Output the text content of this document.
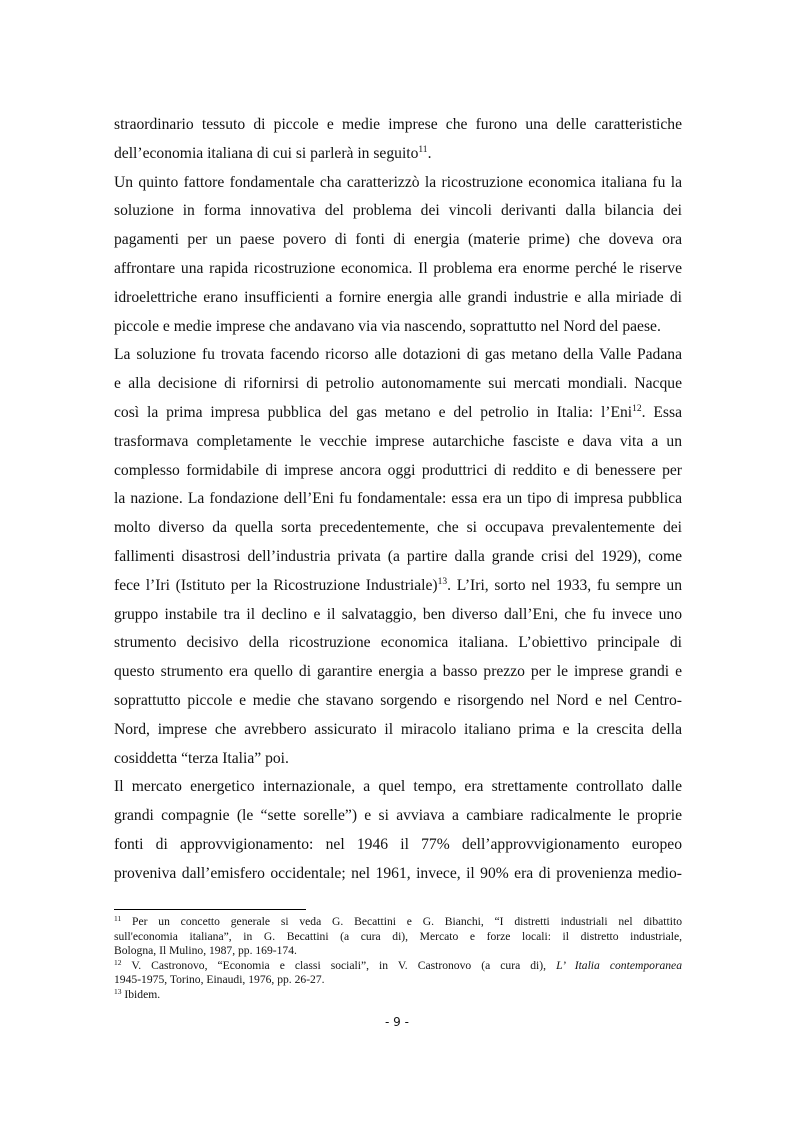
straordinario tessuto di piccole e medie imprese che furono una delle caratteristiche
dell’economia italiana di cui si parlerà in seguito$^{11}$.
Un quinto fattore fondamentale cha caratterizzò la ricostruzione economica italiana fu la
soluzione in forma innovativa del problema dei vincoli derivanti dalla bilancia dei
pagamenti per un paese povero di fonti di energia (materie prime) che doveva ora
affrontare una rapida ricostruzione economica. Il problema era enorme perché le riserve
idroelettriche erano insufficienti a fornire energia alle grandi industrie e alla miriade di
piccole e medie imprese che andavano via via nascendo, soprattutto nel Nord del paese.
La soluzione fu trovata facendo ricorso alle dotazioni di gas metano della Valle Padana
e alla decisione di rifornirsi di petrolio autonomamente sui mercati mondiali. Nacque
così la prima impresa pubblica del gas metano e del petrolio in Italia: l’Eni$^{12}$. Essa
trasformava completamente le vecchie imprese autarchiche fasciste e dava vita a un
complesso formidabile di imprese ancora oggi produttrici di reddito e di benessere per
la nazione. La fondazione dell’Eni fu fondamentale: essa era un tipo di impresa pubblica
molto diverso da quella sorta precedentemente, che si occupava prevalentemente dei
fallimenti disastrosi dell’industria privata (a partire dalla grande crisi del 1929), come
fece l’Iri (Istituto per la Ricostruzione Industriale)$^{13}$. L’Iri, sorto nel 1933, fu sempre un
gruppo instabile tra il declino e il salvataggio, ben diverso dall’Eni, che fu invece uno
strumento decisivo della ricostruzione economica italiana. L’obiettivo principale di
questo strumento era quello di garantire energia a basso prezzo per le imprese grandi e
soprattutto piccole e medie che stavano sorgendo e risorgendo nel Nord e nel Centro-
Nord, imprese che avrebbero assicurato il miracolo italiano prima e la crescita della
cosiddetta “terza Italia” poi.
Il mercato energetico internazionale, a quel tempo, era strettamente controllato dalle
grandi compagnie (le “sette sorelle”) e si avviava a cambiare radicalmente le proprie
fonti di approvvigionamento: nel 1946 il 77% dell’approvvigionamento europeo
proveniva dall’emisfero occidentale; nel 1961, invece, il 90% era di provenienza medio-
$^{11}$ Per un concetto generale si veda G. Becattini e G. Bianchi, “I distretti industriali nel dibattito
sull'economia italiana”, in G. Becattini (a cura di), Mercato e forze locali: il distretto industriale,
Bologna, Il Mulino, 1987, pp. 169-174.
$^{12}$ V. Castronovo, “Economia e classi sociali”, in V. Castronovo (a cura di), L’ Italia contemporanea
1945-1975, Torino, Einaudi, 1976, pp. 26-27.
$^{13}$ Ibidem.
- 9 -
